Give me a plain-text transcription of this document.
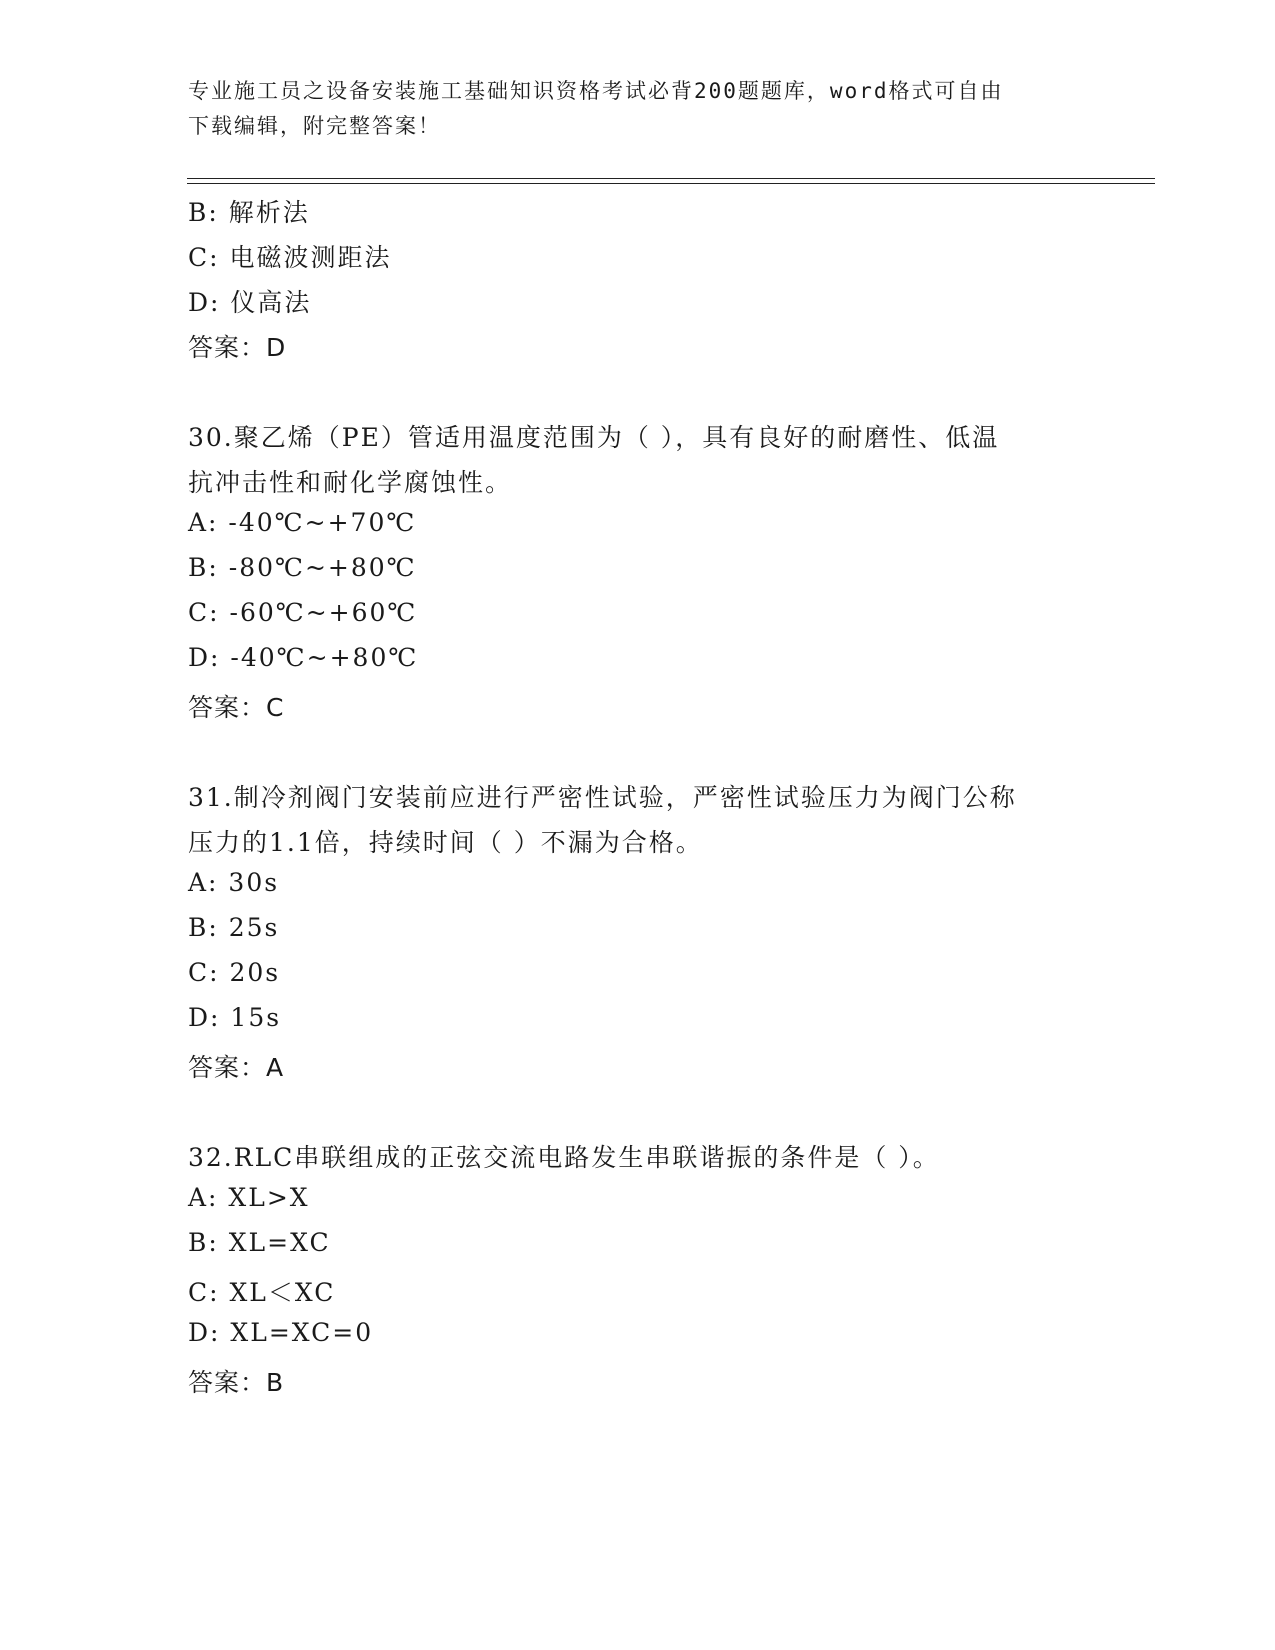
专业施工员之设备安装施工基础知识资格考试必背200题题库，word格式可自由
下载编辑，附完整答案！
B: 解析法
C: 电磁波测距法
D: 仪高法
答案：D
30.聚乙烯（PE）管适用温度范围为（ ），具有良好的耐磨性、低温
抗冲击性和耐化学腐蚀性。
A: -40℃~+70℃
B: -80℃~+80℃
C: -60℃~+60℃
D: -40℃~+80℃
答案：C
31.制冷剂阀门安装前应进行严密性试验，严密性试验压力为阀门公称
压力的1.1倍，持续时间（ ）不漏为合格。
A: 30s
B: 25s
C: 20s
D: 15s
答案：A
32.RLC串联组成的正弦交流电路发生串联谐振的条件是（ ）。
A: XL>X
B: XL=XC
C: XL＜XC
D: XL=XC=0
答案：B
